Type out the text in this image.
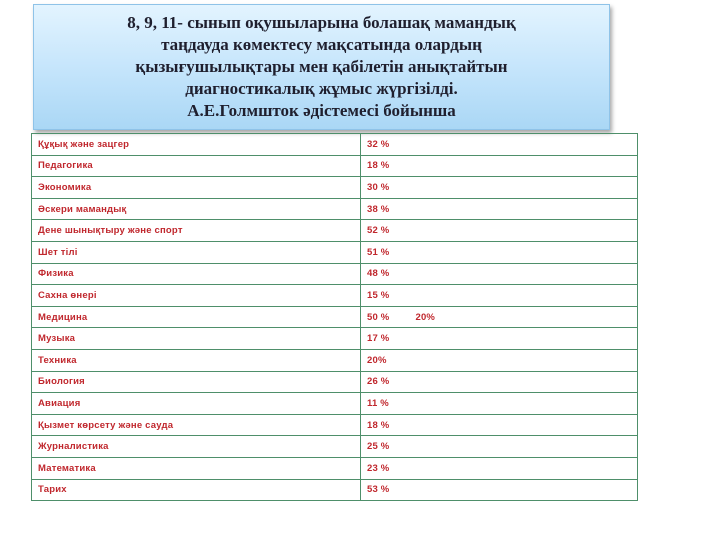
8, 9, 11- сынып оқушыларына болашақ мамандық
таңдауда көмектесу мақсатында олардың
қызығушылықтары мен қабілетін анықтайтын
диагностикалық жұмыс жүргізілді.
А.Е.Голмшток әдістемесі бойынша
Құқық және зацгер	32 %
Педагогика	18 %
Экономика	30 %
Әскери мамандық	38 %
Дене шынықтыру және спорт	52 %
Шет тілі	51 %
Физика	48 %
Сахна өнері	15 %
Медицина	50 % 20%
Музыка	17 %
Техника	20%
Биология	26 %
Авиация	11 %
Қызмет көрсету және сауда	18 %
Журналистика	25 %
Математика	23 %
Тарих	53 %
